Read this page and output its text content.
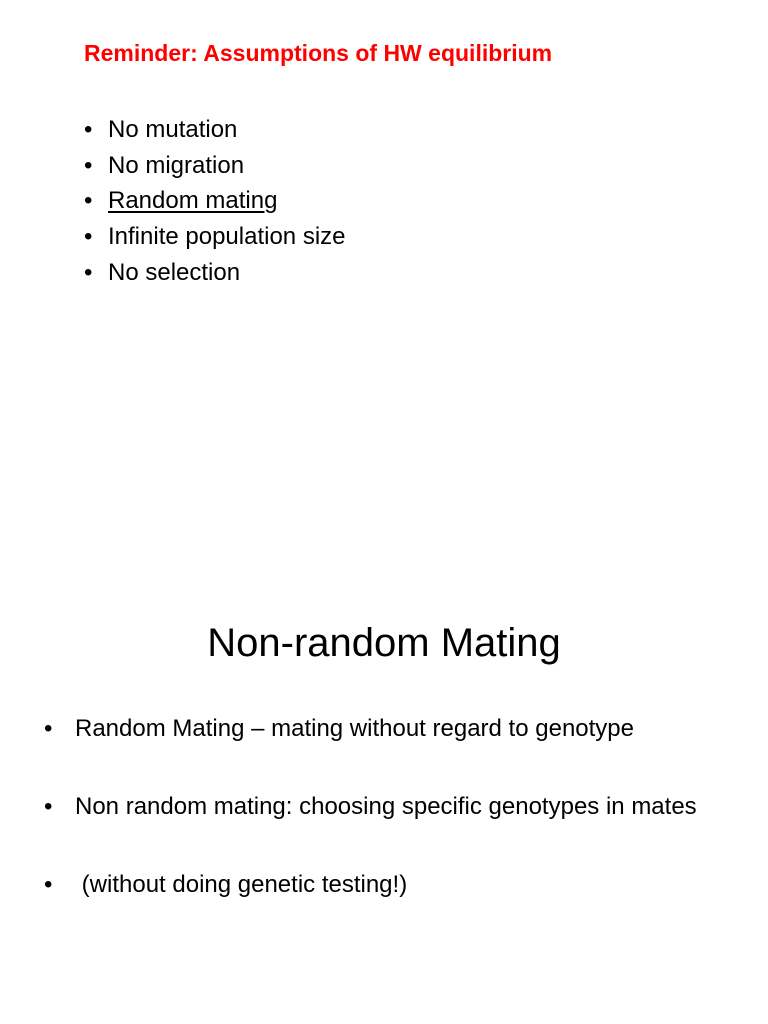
Reminder: Assumptions of HW equilibrium
• No mutation
• No migration
• Random mating
• Infinite population size
• No selection
Non-random Mating
• Random Mating – mating without regard to genotype
• Non random mating: choosing specific genotypes in mates
• (without doing genetic testing!)
